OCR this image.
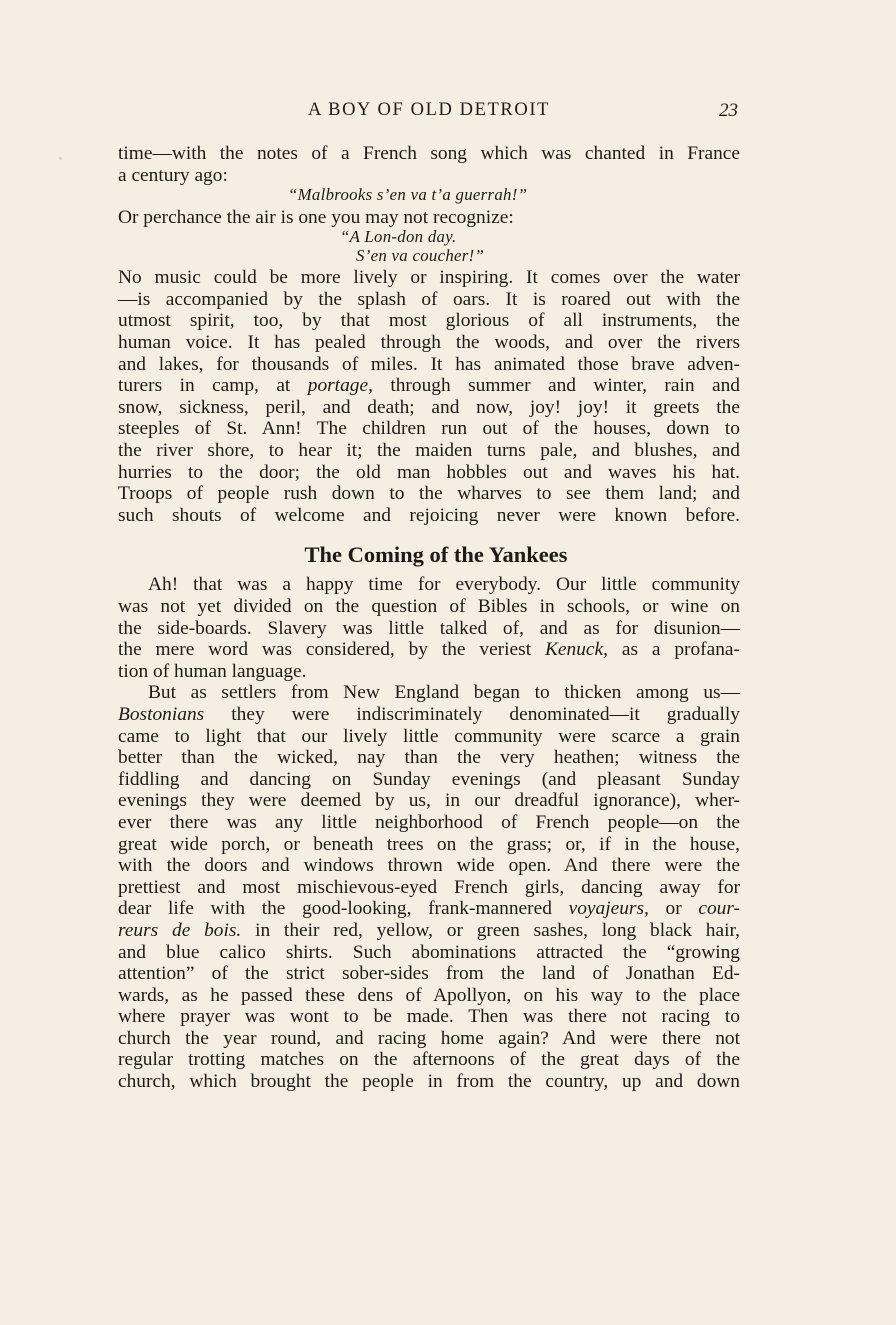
A BOY OF OLD DETROIT	23
time—with the notes of a French song which was chanted in France
a century ago:
“Malbrooks s’en va t’a guerrah!”
Or perchance the air is one you may not recognize:
“A Lon-don day.
S’en va coucher!”
No music could be more lively or inspiring. It comes over the water
—is accompanied by the splash of oars. It is roared out with the
utmost spirit, too, by that most glorious of all instruments, the
human voice. It has pealed through the woods, and over the rivers
and lakes, for thousands of miles. It has animated those brave adven-
turers in camp, at portage, through summer and winter, rain and
snow, sickness, peril, and death; and now, joy! joy! it greets the
steeples of St. Ann! The children run out of the houses, down to
the river shore, to hear it; the maiden turns pale, and blushes, and
hurries to the door; the old man hobbles out and waves his hat.
Troops of people rush down to the wharves to see them land; and
such shouts of welcome and rejoicing never were known before.
The Coming of the Yankees
Ah! that was a happy time for everybody. Our little community
was not yet divided on the question of Bibles in schools, or wine on
the side-boards. Slavery was little talked of, and as for disunion—
the mere word was considered, by the veriest Kenuck, as a profana-
tion of human language.
But as settlers from New England began to thicken among us—
Bostonians they were indiscriminately denominated—it gradually
came to light that our lively little community were scarce a grain
better than the wicked, nay than the very heathen; witness the
fiddling and dancing on Sunday evenings (and pleasant Sunday
evenings they were deemed by us, in our dreadful ignorance), wher-
ever there was any little neighborhood of French people—on the
great wide porch, or beneath trees on the grass; or, if in the house,
with the doors and windows thrown wide open. And there were the
prettiest and most mischievous-eyed French girls, dancing away for
dear life with the good-looking, frank-mannered voyajeurs, or cour-
reurs de bois. in their red, yellow, or green sashes, long black hair,
and blue calico shirts. Such abominations attracted the “growing
attention” of the strict sober-sides from the land of Jonathan Ed-
wards, as he passed these dens of Apollyon, on his way to the place
where prayer was wont to be made. Then was there not racing to
church the year round, and racing home again? And were there not
regular trotting matches on the afternoons of the great days of the
church, which brought the people in from the country, up and down
